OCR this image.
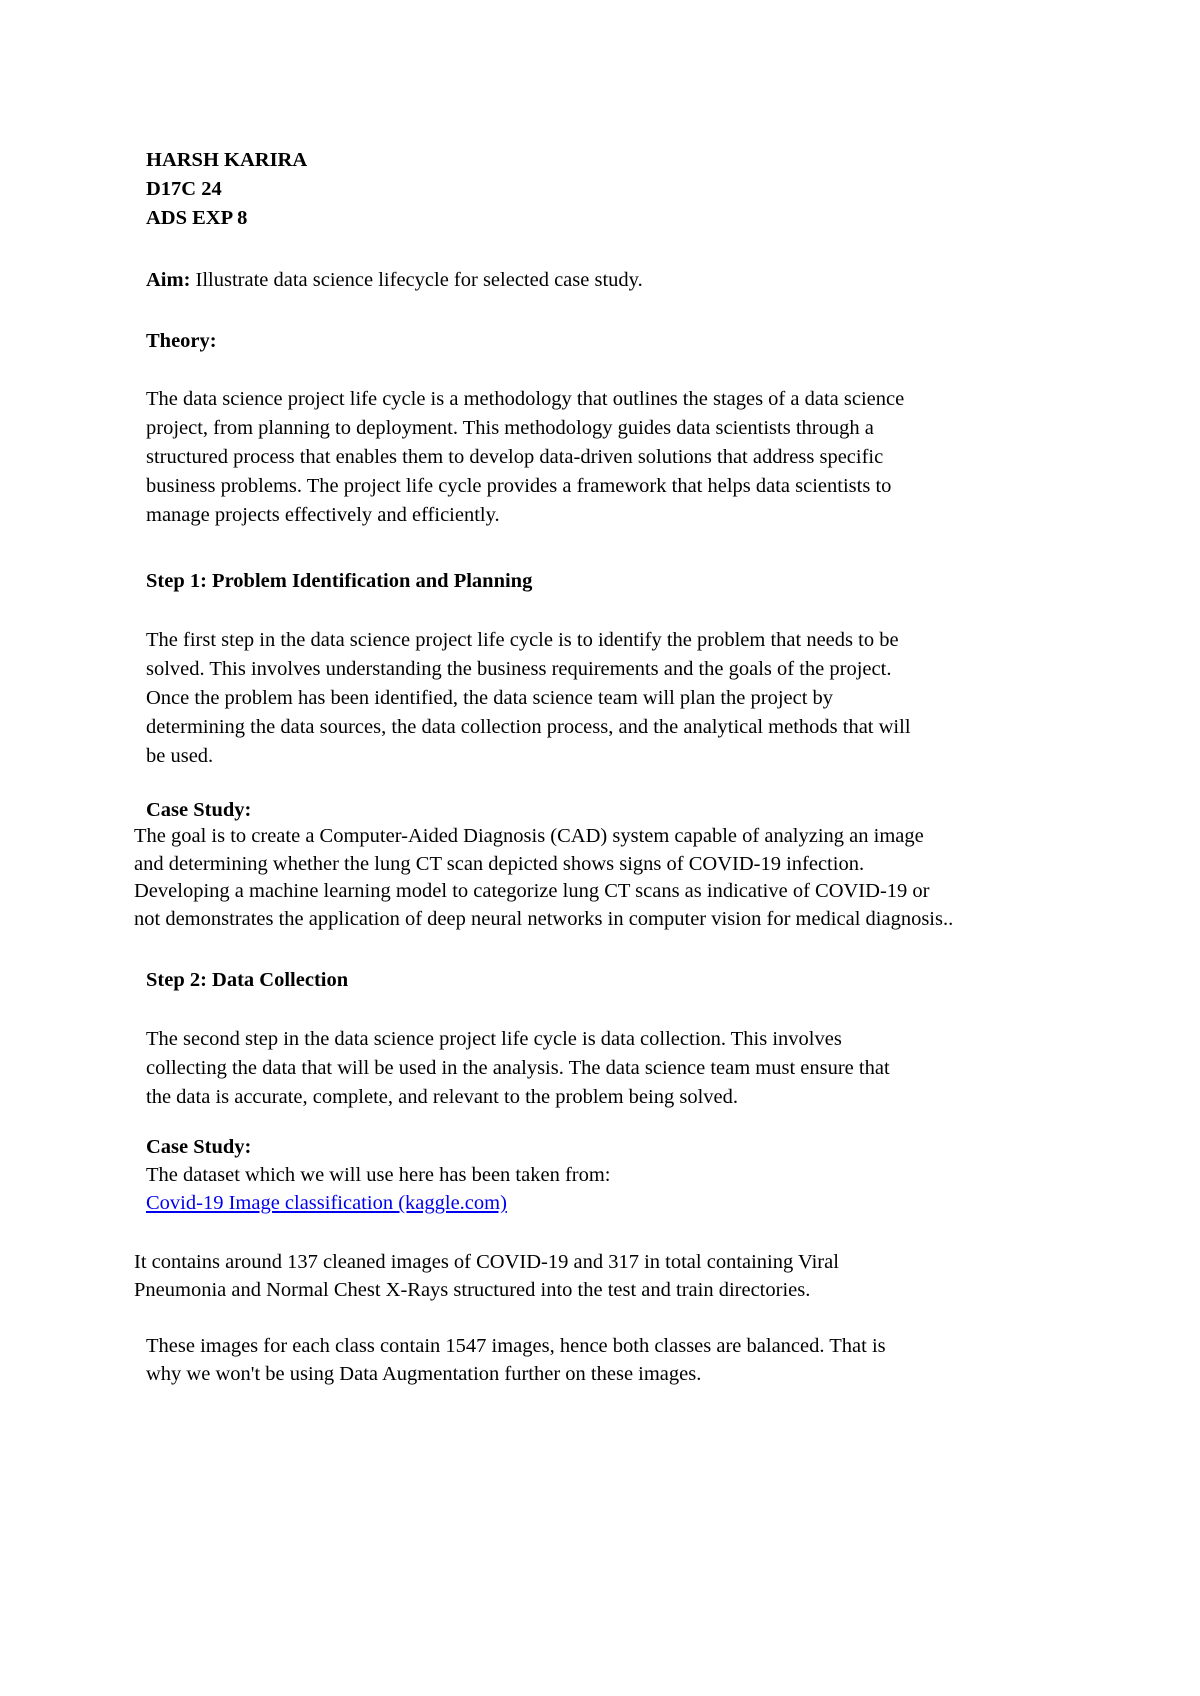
HARSH KARIRA

D17C 24

ADS EXP 8

Aim: Illustrate data science lifecycle for selected case study.

Theory:

The data science project life cycle is a methodology that outlines the stages of a data science
project, from planning to deployment. This methodology guides data scientists through a
structured process that enables them to develop data-driven solutions that address specific
business problems. The project life cycle provides a framework that helps data scientists to
manage projects effectively and efficiently.

Step 1: Problem Identification and Planning

The first step in the data science project life cycle is to identify the problem that needs to be
solved. This involves understanding the business requirements and the goals of the project.
Once the problem has been identified, the data science team will plan the project by
determining the data sources, the data collection process, and the analytical methods that will
be used.

Case Study:

The goal is to create a Computer-Aided Diagnosis (CAD) system capable of analyzing an image
and determining whether the lung CT scan depicted shows signs of COVID-19 infection.
Developing a machine learning model to categorize lung CT scans as indicative of COVID-19 or
not demonstrates the application of deep neural networks in computer vision for medical diagnosis..

Step 2: Data Collection

The second step in the data science project life cycle is data collection. This involves
collecting the data that will be used in the analysis. The data science team must ensure that
the data is accurate, complete, and relevant to the problem being solved.

Case Study:

The dataset which we will use here has been taken from:

Covid-19 Image classification (kaggle.com)

It contains around 137 cleaned images of COVID-19 and 317 in total containing Viral
Pneumonia and Normal Chest X-Rays structured into the test and train directories.
These images for each class contain 1547 images, hence both classes are balanced. That is
why we won't be using Data Augmentation further on these images.
